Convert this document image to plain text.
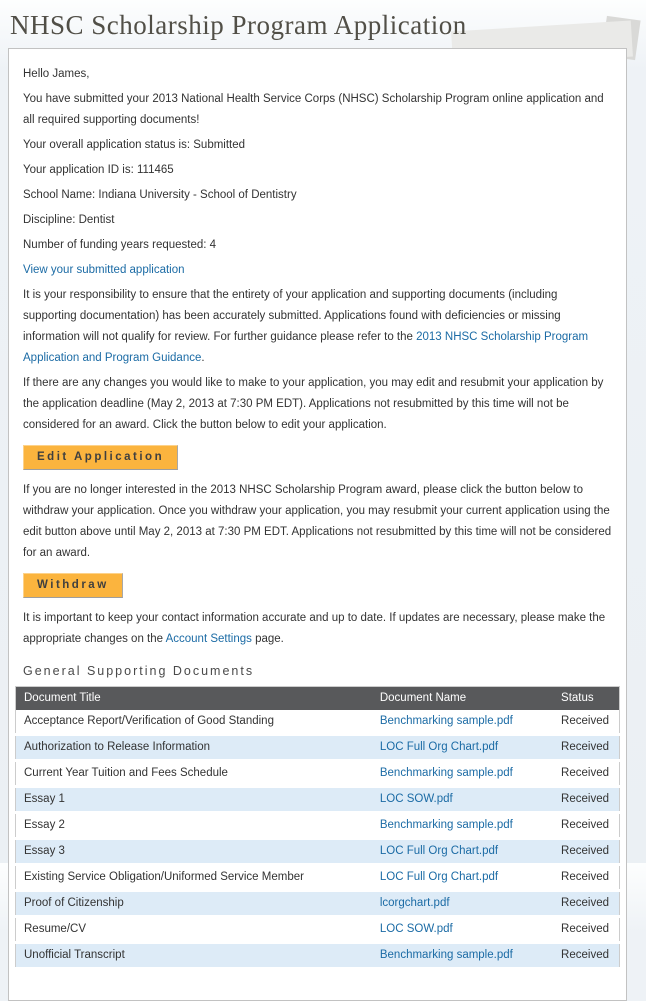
NHSC Scholarship Program Application

Hello James,

You have submitted your 2013 National Health Service Corps (NHSC) Scholarship Program online application and all required supporting documents!

Your overall application status is: Submitted

Your application ID is: 111465

School Name: Indiana University - School of Dentistry

Discipline: Dentist

Number of funding years requested: 4

View your submitted application

It is your responsibility to ensure that the entirety of your application and supporting documents (including supporting documentation) has been accurately submitted. Applications found with deficiencies or missing information will not qualify for review. For further guidance please refer to the 2013 NHSC Scholarship Program Application and Program Guidance.

If there are any changes you would like to make to your application, you may edit and resubmit your application by the application deadline (May 2, 2013 at 7:30 PM EDT). Applications not resubmitted by this time will not be considered for an award. Click the button below to edit your application.

Edit Application

If you are no longer interested in the 2013 NHSC Scholarship Program award, please click the button below to withdraw your application. Once you withdraw your application, you may resubmit your current application using the edit button above until May 2, 2013 at 7:30 PM EDT. Applications not resubmitted by this time will not be considered for an award.

Withdraw

It is important to keep your contact information accurate and up to date. If updates are necessary, please make the appropriate changes on the Account Settings page.

General Supporting Documents
Document Title	Document Name	Status
Acceptance Report/Verification of Good Standing	Benchmarking sample.pdf	Received
Authorization to Release Information	LOC Full Org Chart.pdf	Received
Current Year Tuition and Fees Schedule	Benchmarking sample.pdf	Received
Essay 1	LOC SOW.pdf	Received
Essay 2	Benchmarking sample.pdf	Received
Essay 3	LOC Full Org Chart.pdf	Received
Existing Service Obligation/Uniformed Service Member	LOC Full Org Chart.pdf	Received
Proof of Citizenship	lcorgchart.pdf	Received
Resume/CV	LOC SOW.pdf	Received
Unofficial Transcript	Benchmarking sample.pdf	Received
